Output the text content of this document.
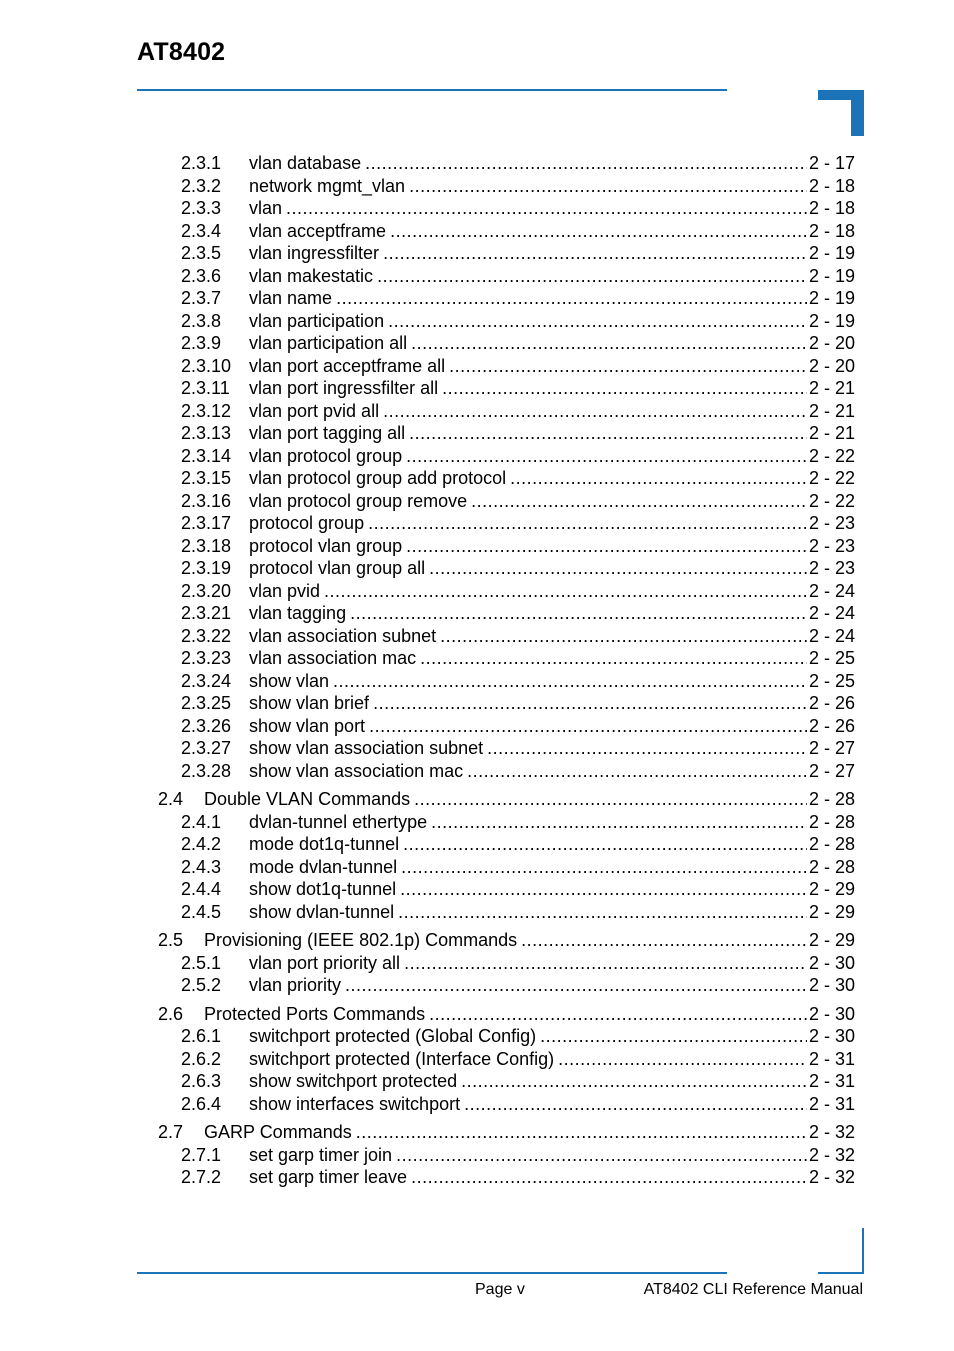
AT8402
2.3.1	vlan database .....	2 - 17
2.3.2	network mgmt_vlan .....	2 - 18
2.3.3	vlan .....	2 - 18
2.3.4	vlan acceptframe .....	2 - 18
2.3.5	vlan ingressfilter .....	2 - 19
2.3.6	vlan makestatic .....	2 - 19
2.3.7	vlan name .....	2 - 19
2.3.8	vlan participation .....	2 - 19
2.3.9	vlan participation all .....	2 - 20
2.3.10 vlan port acceptframe all .....	2 - 20
2.3.11	vlan port ingressfilter all .....	2 - 21
2.3.12 vlan port pvid all .....	2 - 21
2.3.13 vlan port tagging all .....	2 - 21
2.3.14 vlan protocol group .....	2 - 22
2.3.15 vlan protocol group add protocol .....	2 - 22
2.3.16 vlan protocol group remove .....	2 - 22
2.3.17 protocol group .....	2 - 23
2.3.18 protocol vlan group .....	2 - 23
2.3.19 protocol vlan group all .....	2 - 23
2.3.20 vlan pvid .....	2 - 24
2.3.21 vlan tagging .....	2 - 24
2.3.22 vlan association subnet .....	2 - 24
2.3.23 vlan association mac .....	2 - 25
2.3.24 show vlan .....	2 - 25
2.3.25 show vlan brief .....	2 - 26
2.3.26 show vlan port .....	2 - 26
2.3.27 show vlan association subnet .....	2 - 27
2.3.28 show vlan association mac .....	2 - 27
2.4	Double VLAN Commands .....	2 - 28
2.4.1	dvlan-tunnel ethertype .....	2 - 28
2.4.2	mode dot1q-tunnel .....	2 - 28
2.4.3	mode dvlan-tunnel .....	2 - 28
2.4.4	show dot1q-tunnel .....	2 - 29
2.4.5	show dvlan-tunnel .....	2 - 29
2.5	Provisioning (IEEE 802.1p) Commands .....	2 - 29
2.5.1	vlan port priority all .....	2 - 30
2.5.2	vlan priority .....	2 - 30
2.6	Protected Ports Commands .....	2 - 30
2.6.1	switchport protected (Global Config) .....	2 - 30
2.6.2	switchport protected (Interface Config) .....	2 - 31
2.6.3	show switchport protected .....	2 - 31
2.6.4	show interfaces switchport .....	2 - 31
2.7	GARP Commands .....	2 - 32
2.7.1	set garp timer join .....	2 - 32
2.7.2	set garp timer leave .....	2 - 32
Page v	AT8402 CLI Reference Manual
